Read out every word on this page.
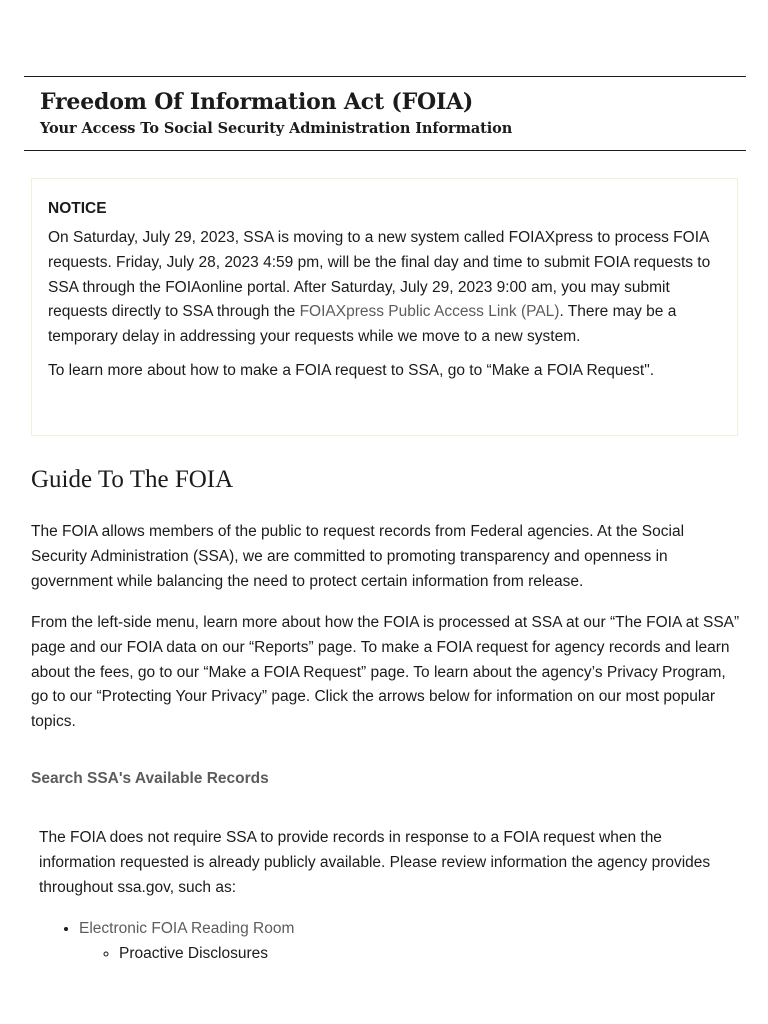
Freedom Of Information Act (FOIA)
Your Access To Social Security Administration Information
NOTICE

On Saturday, July 29, 2023, SSA is moving to a new system called FOIAXpress to process FOIA requests. Friday, July 28, 2023 4:59 pm, will be the final day and time to submit FOIA requests to SSA through the FOIAonline portal. After Saturday, July 29, 2023 9:00 am, you may submit requests directly to SSA through the FOIAXpress Public Access Link (PAL). There may be a temporary delay in addressing your requests while we move to a new system.

To learn more about how to make a FOIA request to SSA, go to “Make a FOIA Request".

Guide To The FOIA

The FOIA allows members of the public to request records from Federal agencies. At the Social Security Administration (SSA), we are committed to promoting transparency and openness in government while balancing the need to protect certain information from release.

From the left-side menu, learn more about how the FOIA is processed at SSA at our “The FOIA at SSA” page and our FOIA data on our “Reports” page. To make a FOIA request for agency records and learn about the fees, go to our “Make a FOIA Request” page. To learn about the agency’s Privacy Program, go to our “Protecting Your Privacy” page. Click the arrows below for information on our most popular topics.

Search SSA's Available Records

The FOIA does not require SSA to provide records in response to a FOIA request when the information requested is already publicly available. Please review information the agency provides throughout ssa.gov, such as:

• Electronic FOIA Reading Room
◦ Proactive Disclosures
